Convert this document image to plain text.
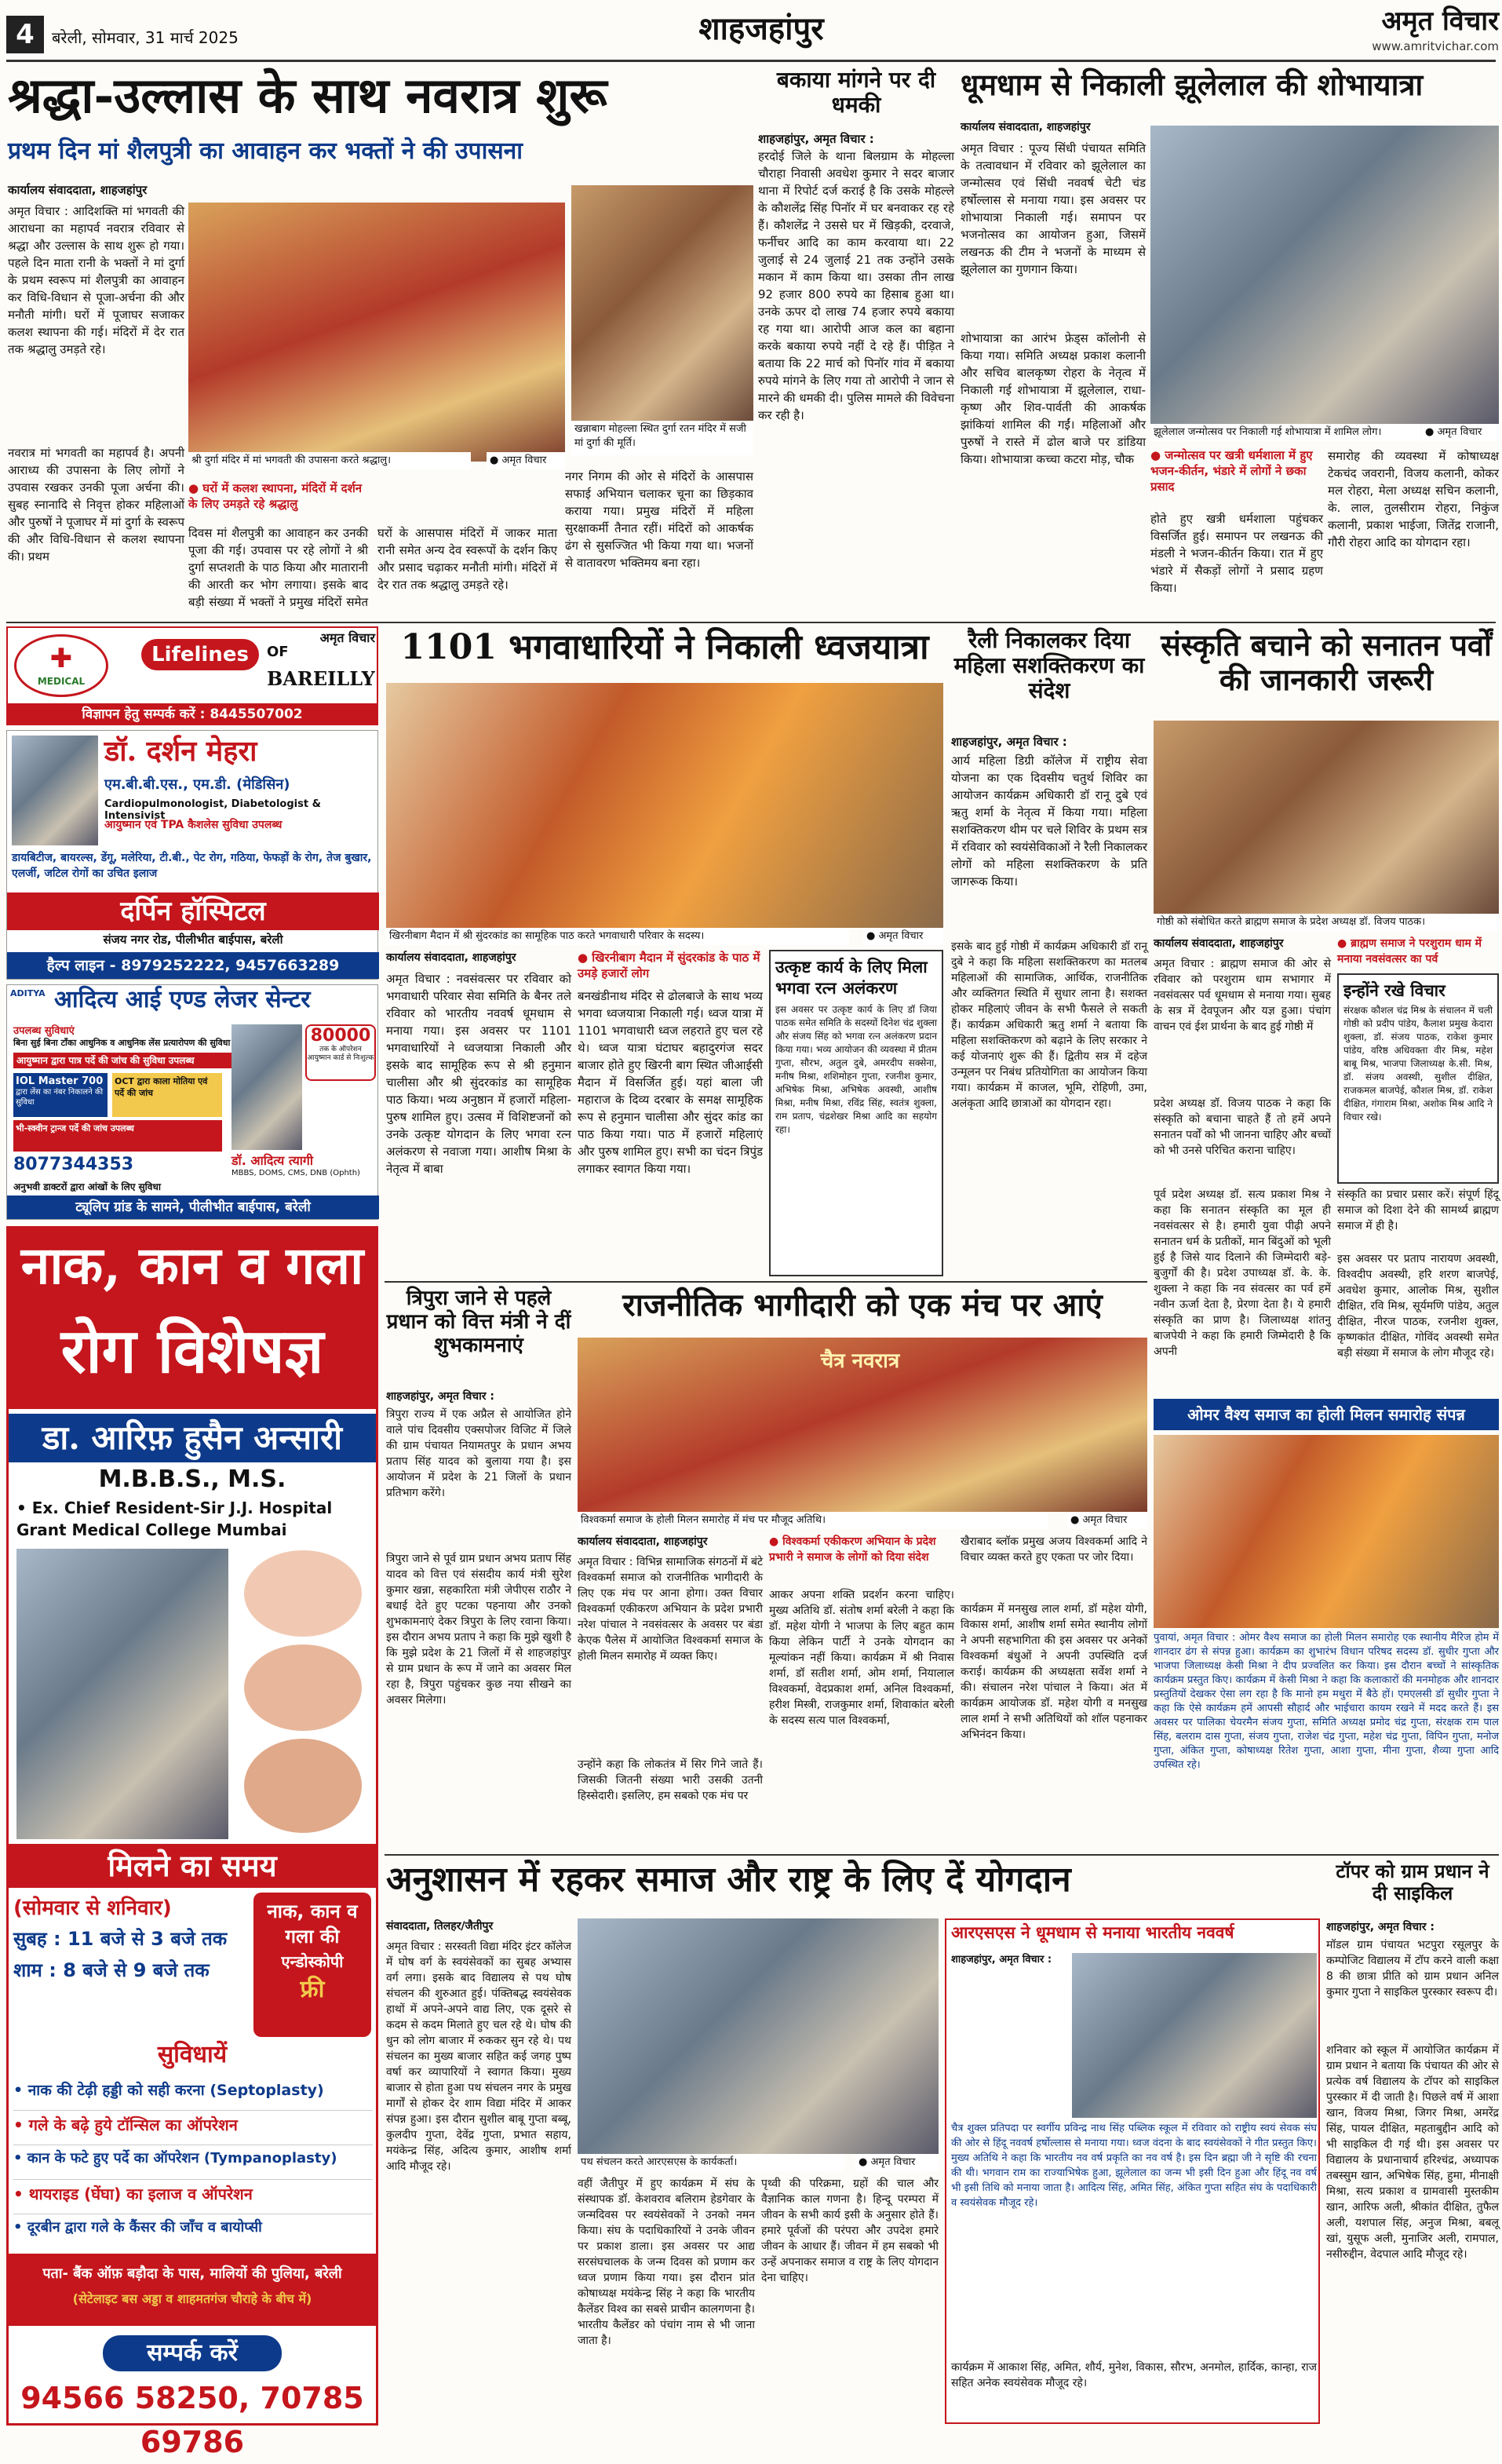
4	बरेली, सोमवार, 31 मार्च 2025	शाहजहांपुर	अमृत विचार
www.amritvichar.com
श्रद्धा-उल्लास के साथ नवरात्र शुरू
प्रथम दिन मां शैलपुत्री का आवाहन कर भक्तों ने की उपासना
कार्यालय संवाददाता, शाहजहांपुर
अमृत विचार : आदिशक्ति मां भगवती की आराधना का महापर्व नवरात्र रविवार से श्रद्धा और उल्लास के साथ शुरू हो गया। पहले दिन माता रानी के भक्तों ने मां दुर्गा के प्रथम स्वरूप मां शैलपुत्री का आवाहन कर विधि-विधान से पूजा-अर्चना की और मनौती मांगी। घरों में पूजाघर सजाकर कलश स्थापना की गई। मंदिरों में देर रात तक श्रद्धालु उमड़ते रहे।
नवरात्र मां भगवती का महापर्व है। अपनी आराध्य की उपासना के लिए लोगों ने उपवास रखकर उनकी पूजा अर्चना की। सुबह स्नानादि से निवृत्त होकर महिलाओं और पुरुषों ने पूजाघर में मां दुर्गा के स्वरूप की और विधि-विधान से कलश स्थापना की। प्रथम
श्री दुर्गा मंदिर में मां भगवती की उपासना करते श्रद्धालु।	● अमृत विचार
खन्नाबाग मोहल्ला स्थित दुर्गा रतन मंदिर में सजी मां दुर्गा की मूर्ति।
● घरों में कलश स्थापना, मंदिरों में दर्शन के लिए उमड़ते रहे श्रद्धालु
दिवस मां शैलपुत्री का आवाहन कर उनकी पूजा की गई। उपवास पर रहे लोगों ने श्री दुर्गा सप्तशती के पाठ किया और मातारानी की आरती कर भोग लगाया। इसके बाद बड़ी संख्या में भक्तों ने प्रमुख मंदिरों समेत घरों के आसपास मंदिरों में जाकर माता रानी समेत अन्य देव स्वरूपों के दर्शन किए और प्रसाद चढ़ाकर मनौती मांगी। मंदिरों में देर रात तक श्रद्धालु उमड़ते रहे।
नगर निगम की ओर से मंदिरों के आसपास सफाई अभियान चलाकर चूना का छिड़काव कराया गया। प्रमुख मंदिरों में महिला सुरक्षाकर्मी तैनात रहीं। मंदिरों को आकर्षक ढंग से सुसज्जित भी किया गया था। भजनों से वातावरण भक्तिमय बना रहा।
बकाया मांगने पर दी धमकी
शाहजहांपुर, अमृत विचार :
हरदोई जिले के थाना बिलग्राम के मोहल्ला चौराहा निवासी अवधेश कुमार ने सदर बाजार थाना में रिपोर्ट दर्ज कराई है कि उसके मोहल्ले के कौशलेंद्र सिंह पिनॉर में घर बनवाकर रह रहे हैं। कौशलेंद्र ने उससे घर में खिड़की, दरवाजे, फर्नीचर आदि का काम करवाया था। 22 जुलाई से 24 जुलाई 21 तक उन्होंने उसके मकान में काम किया था। उसका तीन लाख 92 हजार 800 रुपये का हिसाब हुआ था। उनके ऊपर दो लाख 74 हजार रुपये बकाया रह गया था। आरोपी आज कल का बहाना करके बकाया रुपये नहीं दे रहे हैं। पीड़ित ने बताया कि 22 मार्च को पिनॉर गांव में बकाया रुपये मांगने के लिए गया तो आरोपी ने जान से मारने की धमकी दी। पुलिस मामले की विवेचना कर रही है।
धूमधाम से निकाली झूलेलाल की शोभायात्रा
कार्यालय संवाददाता, शाहजहांपुर
अमृत विचार : पूज्य सिंधी पंचायत समिति के तत्वावधान में रविवार को झूलेलाल का जन्मोत्सव एवं सिंधी नववर्ष चेटी चंड हर्षोल्लास से मनाया गया। इस अवसर पर शोभायात्रा निकाली गई। समापन पर भजनोत्सव का आयोजन हुआ, जिसमें लखनऊ की टीम ने भजनों के माध्यम से झूलेलाल का गुणगान किया।
शोभायात्रा का आरंभ फ्रेड्स कॉलोनी से किया गया। समिति अध्यक्ष प्रकाश कलानी और सचिव बालकृष्ण रोहरा के नेतृत्व में निकाली गई शोभायात्रा में झूलेलाल, राधा-कृष्ण और शिव-पार्वती की आकर्षक झांकियां शामिल की गईं। महिलाओं और पुरुषों ने रास्ते में ढोल बाजे पर डांडिया किया। शोभायात्रा कच्चा कटरा मोड़, चौक
झूलेलाल जन्मोत्सव पर निकाली गई शोभायात्रा में शामिल लोग।	● अमृत विचार
● जन्मोत्सव पर खत्री धर्मशाला में हुए भजन-कीर्तन, भंडारे में लोगों ने छका प्रसाद
होते हुए खत्री धर्मशाला पहुंचकर विसर्जित हुई। समापन पर लखनऊ की मंडली ने भजन-कीर्तन किया। रात में हुए भंडारे में सैकड़ों लोगों ने प्रसाद ग्रहण किया।
समारोह की व्यवस्था में कोषाध्यक्ष टेकचंद जवरानी, विजय कलानी, कोकर मल रोहरा, मेला अध्यक्ष सचिन कलानी, के. लाल, तुलसीराम रोहरा, निकुंज कलानी, प्रकाश भाईजा, जितेंद्र राजानी, गौरी रोहरा आदि का योगदान रहा।
MEDICAL
✚	Lifelines	OF
अमृत विचार
BAREILLY
विज्ञापन हेतु सम्पर्क करें : 8445507002
डॉ. दर्शन मेहरा
एम.बी.बी.एस., एम.डी. (मेडिसिन)
Cardiopulmonologist, Diabetologist & Intensivist
आयुष्मान एवं TPA कैशलेस सुविधा उपलब्ध
डायबिटीज, बायरल्स, डेंगू, मलेरिया, टी.बी., पेट रोग, गठिया, फेफड़ों के रोग, तेज बुखार, एलर्जी, जटिल रोगों का उचित इलाज
दर्पिन हॉस्पिटल
संजय नगर रोड, पीलीभीत बाईपास, बरेली
हैल्प लाइन - 8979252222, 9457663289
ADITYA आदित्य आई एण्ड लेजर सेन्टर
उपलब्ध सुविधाएं
बिना सुई बिना टाँका आधुनिक व आधुनिक लेंस प्रत्यारोपण की सुविधा
आयुष्मान द्वारा पात्र पर्दे की जांच की सुविधा उपलब्ध
IOL Master 700
द्वारा लेंस का नंबर निकालने की सुविधा
OCT द्वारा काला मोतिया एवं पर्दे की जांच
भी-स्क्वीन ट्रान्ज पर्दे की जांच उपलब्ध
80000
तक के ऑपरेशन आयुष्मान कार्ड से निःशुल्क
डॉ. आदित्य त्यागी
MBBS, DOMS, CMS, DNB (Ophth)
8077344353
अनुभवी डाक्टरों द्वारा आंखों के लिए सुविधा
ट्यूलिप ग्रांड के सामने, पीलीभीत बाईपास, बरेली
नाक, कान व गला
रोग विशेषज्ञ
डा. आरिफ़ हुसैन अन्सारी
M.B.B.S., M.S.
• Ex. Chief Resident-Sir J.J. Hospital
Grant Medical College Mumbai
मिलने का समय
(सोमवार से शनिवार)
सुबह : 11 बजे से 3 बजे तक
शाम : 8 बजे से 9 बजे तक
नाक, कान व
गला की
एन्डोस्कोपी
फ्री
सुविधायें
• नाक की टेढ़ी हड्डी को सही करना (Septoplasty)
• गले के बढ़े हुये टॉन्सिल का ऑपरेशन
• कान के फटे हुए पर्दे का ऑपरेशन (Tympanoplasty)
• थायराइड (घेंघा) का इलाज व ऑपरेशन
• दूरबीन द्वारा गले के कैंसर की जाँच व बायोप्सी
पता- बैंक ऑफ़ बड़ौदा के पास, मालियों की पुलिया, बरेली
(सेटेलाइट बस अड्डा व शाहमतगंज चौराहे के बीच में)
सम्पर्क करें
94566 58250, 70785 69786
1101 भगवाधारियों ने निकाली ध्वजयात्रा
खिरनीबाग मैदान में श्री सुंदरकांड का सामूहिक पाठ करते भगवाधारी परिवार के सदस्य।	● अमृत विचार
कार्यालय संवाददाता, शाहजहांपुर
अमृत विचार : नवसंवत्सर पर रविवार को भगवाधारी परिवार सेवा समिति के बैनर तले रविवार को भारतीय नववर्ष धूमधाम से मनाया गया। इस अवसर पर 1101 भगवाधारियों ने ध्वजयात्रा निकाली और इसके बाद सामूहिक रूप से श्री हनुमान चालीसा और श्री सुंदरकांड का सामूहिक पाठ किया। भव्य अनुष्ठान में हजारों महिला-पुरुष शामिल हुए। उत्सव में विशिष्टजनों को उनके उत्कृष्ट योगदान के लिए भगवा रत्न अलंकरण से नवाजा गया। आशीष मिश्रा के नेतृत्व में बाबा
● खिरनीबाग मैदान में सुंदरकांड के पाठ में उमड़े हजारों लोग
बनखंडीनाथ मंदिर से ढोलबाजे के साथ भव्य भगवा ध्वजयात्रा निकाली गई। ध्वज यात्रा में 1101 भगवाधारी ध्वज लहराते हुए चल रहे थे। ध्वज यात्रा घंटाघर बहादुरगंज सदर बाजार होते हुए खिरनी बाग स्थित जीआईसी मैदान में विसर्जित हुई। यहां बाला जी महाराज के दिव्य दरबार के समक्ष सामूहिक रूप से हनुमान चालीसा और सुंदर कांड का पाठ किया गया। पाठ में हजारों महिलाएं और पुरुष शामिल हुए। सभी का चंदन त्रिपुंड लगाकर स्वागत किया गया।
उत्कृष्ट कार्य के लिए मिला भगवा रत्न अलंकरण
इस अवसर पर उत्कृष्ट कार्य के लिए डॉ जिया पाठक समेत समिति के सदस्यों दिनेश चंद्र शुक्ला और संजय सिंह को भगवा रत्न अलंकरण प्रदान किया गया। भव्य आयोजन की व्यवस्था में प्रीतम गुप्ता, सौरभ, अतुल दुबे, अमरदीप सक्सेना, मनीष मिश्रा, शशिमोहन गुप्ता, रजनीश कुमार, अभिषेक मिश्रा, अभिषेक अवस्थी, आशीष मिश्रा, मनीष मिश्रा, रविंद्र सिंह, स्वतंत्र शुक्ला, राम प्रताप, चंद्रशेखर मिश्रा आदि का सहयोग रहा।
रैली निकालकर दिया महिला सशक्तिकरण का संदेश
शाहजहांपुर, अमृत विचार :
आर्य महिला डिग्री कॉलेज में राष्ट्रीय सेवा योजना का एक दिवसीय चतुर्थ शिविर का आयोजन कार्यक्रम अधिकारी डॉ रानू दुबे एवं ऋतु शर्मा के नेतृत्व में किया गया। महिला सशक्तिकरण थीम पर चले शिविर के प्रथम सत्र में रविवार को स्वयंसेविकाओं ने रैली निकालकर लोगों को महिला सशक्तिकरण के प्रति जागरूक किया।
इसके बाद हुई गोष्ठी में कार्यक्रम अधिकारी डॉ रानू दुबे ने कहा कि महिला सशक्तिकरण का मतलब महिलाओं की सामाजिक, आर्थिक, राजनीतिक और व्यक्तिगत स्थिति में सुधार लाना है। सशक्त होकर महिलाएं जीवन के सभी फैसले ले सकती हैं। कार्यक्रम अधिकारी ऋतु शर्मा ने बताया कि महिला सशक्तिकरण को बढ़ाने के लिए सरकार ने कई योजनाएं शुरू की हैं। द्वितीय सत्र में दहेज उन्मूलन पर निबंध प्रतियोगिता का आयोजन किया गया। कार्यक्रम में काजल, भूमि, रोहिणी, उमा, अलंकृता आदि छात्राओं का योगदान रहा।
संस्कृति बचाने को सनातन पर्वों की जानकारी जरूरी
गोष्ठी को संबोधित करते ब्राह्मण समाज के प्रदेश अध्यक्ष डॉ. विजय पाठक।
कार्यालय संवाददाता, शाहजहांपुर	● ब्राह्मण समाज ने परशुराम धाम में मनाया नवसंवत्सर का पर्व
अमृत विचार : ब्राह्मण समाज की ओर से रविवार को परशुराम धाम सभागार में नवसंवत्सर पर्व धूमधाम से मनाया गया। सुबह के सत्र में देवपूजन और यज्ञ हुआ। पंचांग वाचन एवं ईश प्रार्थना के बाद हुई गोष्ठी में
प्रदेश अध्यक्ष डॉ. विजय पाठक ने कहा कि संस्कृति को बचाना चाहते हैं तो हमें अपने सनातन पर्वों को भी जानना चाहिए और बच्चों को भी उनसे परिचित कराना चाहिए।
इन्होंने रखे विचार
संरक्षक कौशल चंद्र मिश्र के संचालन में चली गोष्ठी को प्रदीप पांडेय, कैलाश प्रमुख केदारा शुक्ला, डॉ. संजय पाठक, राकेश कुमार पांडेय, वरिष्ठ अधिवक्ता वीर मिश्र, महेश बाबू मिश्र, भाजपा जिलाध्यक्ष के.सी. मिश्र, डॉ. संजय अवस्थी, सुशील दीक्षित, राजकमल बाजपेई, कौशल मिश्र, डॉ. राकेश दीक्षित, गंगाराम मिश्रा, अशोक मिश्र आदि ने विचार रखे।
पूर्व प्रदेश अध्यक्ष डॉ. सत्य प्रकाश मिश्र ने कहा कि सनातन संस्कृति का मूल ही नवसंवत्सर से है। हमारी युवा पीढ़ी अपने सनातन धर्म के प्रतीकों, मान बिंदुओं को भूली हुई है जिसे याद दिलाने की जिम्मेदारी बड़े-बुजुर्गों की है। प्रदेश उपाध्यक्ष डॉ. के. के. शुक्ला ने कहा कि नव संवत्सर का पर्व हमें नवीन ऊर्जा देता है, प्रेरणा देता है। ये हमारी संस्कृति का प्राण है। जिलाध्यक्ष शांतनु बाजपेयी ने कहा कि हमारी जिम्मेदारी है कि अपनी
संस्कृति का प्रचार प्रसार करें। संपूर्ण हिंदू समाज को दिशा देने की सामर्थ्य ब्राह्मण समाज में ही है।
इस अवसर पर प्रताप नारायण अवस्थी, विश्वदीप अवस्थी, हरि शरण बाजपेई, अवधेश कुमार, आलोक मिश्र, सुशील दीक्षित, रवि मिश्र, सूर्यमणि पांडेय, अतुल दीक्षित, नीरज पाठक, रजनीश शुक्ल, कृष्णकांत दीक्षित, गोविंद अवस्थी समेत बड़ी संख्या में समाज के लोग मौजूद रहे।
त्रिपुरा जाने से पहले प्रधान को वित्त मंत्री ने दीं शुभकामनाएं
शाहजहांपुर, अमृत विचार :
त्रिपुरा राज्य में एक अप्रैल से आयोजित होने वाले पांच दिवसीय एक्सपोजर विजिट में जिले की ग्राम पंचायत नियामतपुर के प्रधान अभय प्रताप सिंह यादव को बुलाया गया है। इस आयोजन में प्रदेश के 21 जिलों के प्रधान प्रतिभाग करेंगे।
त्रिपुरा जाने से पूर्व ग्राम प्रधान अभय प्रताप सिंह यादव को वित्त एवं संसदीय कार्य मंत्री सुरेश कुमार खन्ना, सहकारिता मंत्री जेपीएस राठौर ने बधाई देते हुए पटका पहनाया और उनको शुभकामनाएं देकर त्रिपुरा के लिए रवाना किया। इस दौरान अभय प्रताप ने कहा कि मुझे खुशी है कि मुझे प्रदेश के 21 जिलों में से शाहजहांपुर से ग्राम प्रधान के रूप में जाने का अवसर मिल रहा है, त्रिपुरा पहुंचकर कुछ नया सीखने का अवसर मिलेगा।
राजनीतिक भागीदारी को एक मंच पर आएं
चैत्र नवरात्र
विश्वकर्मा समाज के होली मिलन समारोह में मंच पर मौजूद अतिथि।	● अमृत विचार
कार्यालय संवाददाता, शाहजहांपुर
अमृत विचार : विभिन्न सामाजिक संगठनों में बंटे विश्वकर्मा समाज को राजनीतिक भागीदारी के लिए एक मंच पर आना होगा। उक्त विचार विश्वकर्मा एकीकरण अभियान के प्रदेश प्रभारी नरेश पांचाल ने नवसंवत्सर के अवसर पर बंडा केएक पैलेस में आयोजित विश्वकर्मा समाज के होली मिलन समारोह में व्यक्त किए।
उन्होंने कहा कि लोकतंत्र में सिर गिने जाते हैं। जिसकी जितनी संख्या भारी उसकी उतनी हिस्सेदारी। इसलिए, हम सबको एक मंच पर
● विश्वकर्मा एकीकरण अभियान के प्रदेश प्रभारी ने समाज के लोगों को दिया संदेश
आकर अपना शक्ति प्रदर्शन करना चाहिए। मुख्य अतिथि डॉ. संतोष शर्मा बरेली ने कहा कि डॉ. महेश योगी ने भाजपा के लिए बहुत काम किया लेकिन पार्टी ने उनके योगदान का मूल्यांकन नहीं किया। कार्यक्रम में श्री निवास शर्मा, डॉ सतीश शर्मा, ओम शर्मा, नियालाल विश्वकर्मा, वेदप्रकाश शर्मा, अनिल विश्वकर्मा, हरीश मिस्त्री, राजकुमार शर्मा, शिवाकांत बरेली के सदस्य सत्य पाल विश्वकर्मा,
खैराबाद ब्लॉक प्रमुख अजय विश्वकर्मा आदि ने विचार व्यक्त करते हुए एकता पर जोर दिया।
कार्यक्रम में मनसुख लाल शर्मा, डॉ महेश योगी, विकास शर्मा, आशीष शर्मा समेत स्थानीय लोगों ने अपनी सहभागिता की इस अवसर पर अनेकों विश्वकर्मा बंधुओं ने अपनी उपस्थिति दर्ज कराई। कार्यक्रम की अध्यक्षता सर्वेश शर्मा ने की। संचालन नरेश पांचाल ने किया। अंत में कार्यक्रम आयोजक डॉ. महेश योगी व मनसुख लाल शर्मा ने सभी अतिथियों को शॉल पहनाकर अभिनंदन किया।
ओमर वैश्य समाज का होली मिलन समारोह संपन्न
पुवायां, अमृत विचार : ओमर वैश्य समाज का होली मिलन समारोह एक स्थानीय मैरिज होम में शानदार ढंग से संपन्न हुआ। कार्यक्रम का शुभारंभ विधान परिषद सदस्य डॉ. सुधीर गुप्ता और भाजपा जिलाध्यक्ष केसी मिश्रा ने दीप प्रज्वलित कर किया। इस दौरान बच्चों ने सांस्कृतिक कार्यक्रम प्रस्तुत किए। कार्यक्रम में केसी मिश्रा ने कहा कि कलाकारों की मनमोहक और शानदार प्रस्तुतियों देखकर ऐसा लग रहा है कि मानो हम मथुरा में बैठे हों। एमएलसी डॉ सुधीर गुप्ता ने कहा कि ऐसे कार्यक्रम हमें आपसी सौहार्द और भाईचारा कायम रखने में मदद करते हैं। इस अवसर पर पालिका चेयरमैन संजय गुप्ता, समिति अध्यक्ष प्रमोद चंद्र गुप्ता, संरक्षक राम पाल सिंह, बलराम दास गुप्ता, संजय गुप्ता, राजेश चंद्र गुप्ता, महेश चंद्र गुप्ता, विपिन गुप्ता, मनोज गुप्ता, अंकित गुप्ता, कोषाध्यक्ष रितेश गुप्ता, आशा गुप्ता, मीना गुप्ता, शैव्या गुप्ता आदि उपस्थित रहे।
अनुशासन में रहकर समाज और राष्ट्र के लिए दें योगदान
संवाददाता, तिलहर/जैतीपुर
अमृत विचार : सरस्वती विद्या मंदिर इंटर कॉलेज में घोष वर्ग के स्वयंसेवकों का सुबह अभ्यास वर्ग लगा। इसके बाद विद्यालय से पथ घोष संचलन की शुरुआत हुई। पंक्तिबद्ध स्वयंसेवक हाथों में अपने-अपने वाद्य लिए, एक दूसरे से कदम से कदम मिलाते हुए चल रहे थे। घोष की धुन को लोग बाजार में रुककर सुन रहे थे। पथ संचलन का मुख्य बाजार सहित कई जगह पुष्प वर्षा कर व्यापारियों ने स्वागत किया। मुख्य बाजार से होता हुआ पथ संचलन नगर के प्रमुख मार्गों से होकर देर शाम विद्या मंदिर में आकर संपन्न हुआ। इस दौरान सुशील बाबू गुप्ता बब्बू, कुलदीप गुप्ता, देवेंद्र गुप्ता, प्रभात सहाय, मयंकेन्द्र सिंह, अदित्य कुमार, आशीष शर्मा आदि मौजूद रहे।	पथ संचलन करते आरएसएस के कार्यकर्ता।	● अमृत विचार
वहीं जैतीपुर में हुए कार्यक्रम में संघ के संस्थापक डॉ. केशवराव बलिराम हेडगेवार के जन्मदिवस पर स्वयंसेवकों ने उनको नमन किया। संघ के पदाधिकारियों ने उनके जीवन पर प्रकाश डाला। इस अवसर पर आद्य सरसंघचालक के जन्म दिवस को प्रणाम कर ध्वज प्रणाम किया गया। इस दौरान प्रांत कोषाध्यक्ष मयंकेन्द्र सिंह ने कहा कि भारतीय कैलेंडर विश्व का सबसे प्राचीन कालगणना है। भारतीय कैलेंडर को पंचांग नाम से भी जाना जाता है।
पृथ्वी की परिक्रमा, ग्रहों की चाल और वैज्ञानिक काल गणना है। हिन्दू परम्परा में जीवन के सभी कार्य इसी के अनुसार होते हैं। हमारे पूर्वजों की परंपरा और उपदेश हमारे जीवन के आधार हैं। जीवन में हम सबको भी उन्हें अपनाकर समाज व राष्ट्र के लिए योगदान देना चाहिए।
आरएसएस ने धूमधाम से मनाया भारतीय नववर्ष
शाहजहांपुर, अमृत विचार :
चैत्र शुक्ल प्रतिपदा पर स्वर्गीय प्रविन्द्र नाथ सिंह पब्लिक स्कूल में रविवार को राष्ट्रीय स्वयं सेवक संघ की ओर से हिंदू नववर्ष हर्षोल्लास से मनाया गया। ध्वज वंदना के बाद स्वयंसेवकों ने गीत प्रस्तुत किए। मुख्य अतिथि ने कहा कि भारतीय नव वर्ष प्रकृति का नव वर्ष है। इस दिन ब्रह्मा जी ने सृष्टि की रचना की थी। भगवान राम का राज्याभिषेक हुआ, झूलेलाल का जन्म भी इसी दिन हुआ और हिंदू नव वर्ष भी इसी तिथि को मनाया जाता है। आदित्य सिंह, अमित सिंह, अंकित गुप्ता सहित संघ के पदाधिकारी व स्वयंसेवक मौजूद रहे।
कार्यक्रम में आकाश सिंह, अमित, शौर्य, मुनेश, विकास, सौरभ, अनमोल, हार्दिक, कान्हा, राज सहित अनेक स्वयंसेवक मौजूद रहे।
टॉपर को ग्राम प्रधान ने दी साइकिल
शाहजहांपुर, अमृत विचार :
मॉडल ग्राम पंचायत भटपुरा रसूलपुर के कम्पोजिट विद्यालय में टॉप करने वाली कक्षा 8 की छात्रा प्रीति को ग्राम प्रधान अनिल कुमार गुप्ता ने साइकिल पुरस्कार स्वरूप दी।
शनिवार को स्कूल में आयोजित कार्यक्रम में ग्राम प्रधान ने बताया कि पंचायत की ओर से प्रत्येक वर्ष विद्यालय के टॉपर को साइकिल पुरस्कार में दी जाती है। पिछले वर्ष में आशा खान, विजय मिश्रा, जिगर मिश्रा, अमरेंद्र सिंह, पायल दीक्षित, महताबुद्दीन आदि को भी साइकिल दी गई थी। इस अवसर पर विद्यालय के प्रधानाचार्य हरिश्चंद्र, अध्यापक तबस्सुम खान, अभिषेक सिंह, हुमा, मीनाक्षी मिश्रा, सत्य प्रकाश व ग्रामवासी मुस्तकीम खान, आरिफ अली, श्रीकांत दीक्षित, तुफैल अली, यशपाल सिंह, अनुज मिश्रा, बबलू खां, युसूफ अली, मुनाजिर अली, रामपाल, नसीरुद्दीन, वेदपाल आदि मौजूद रहे।
